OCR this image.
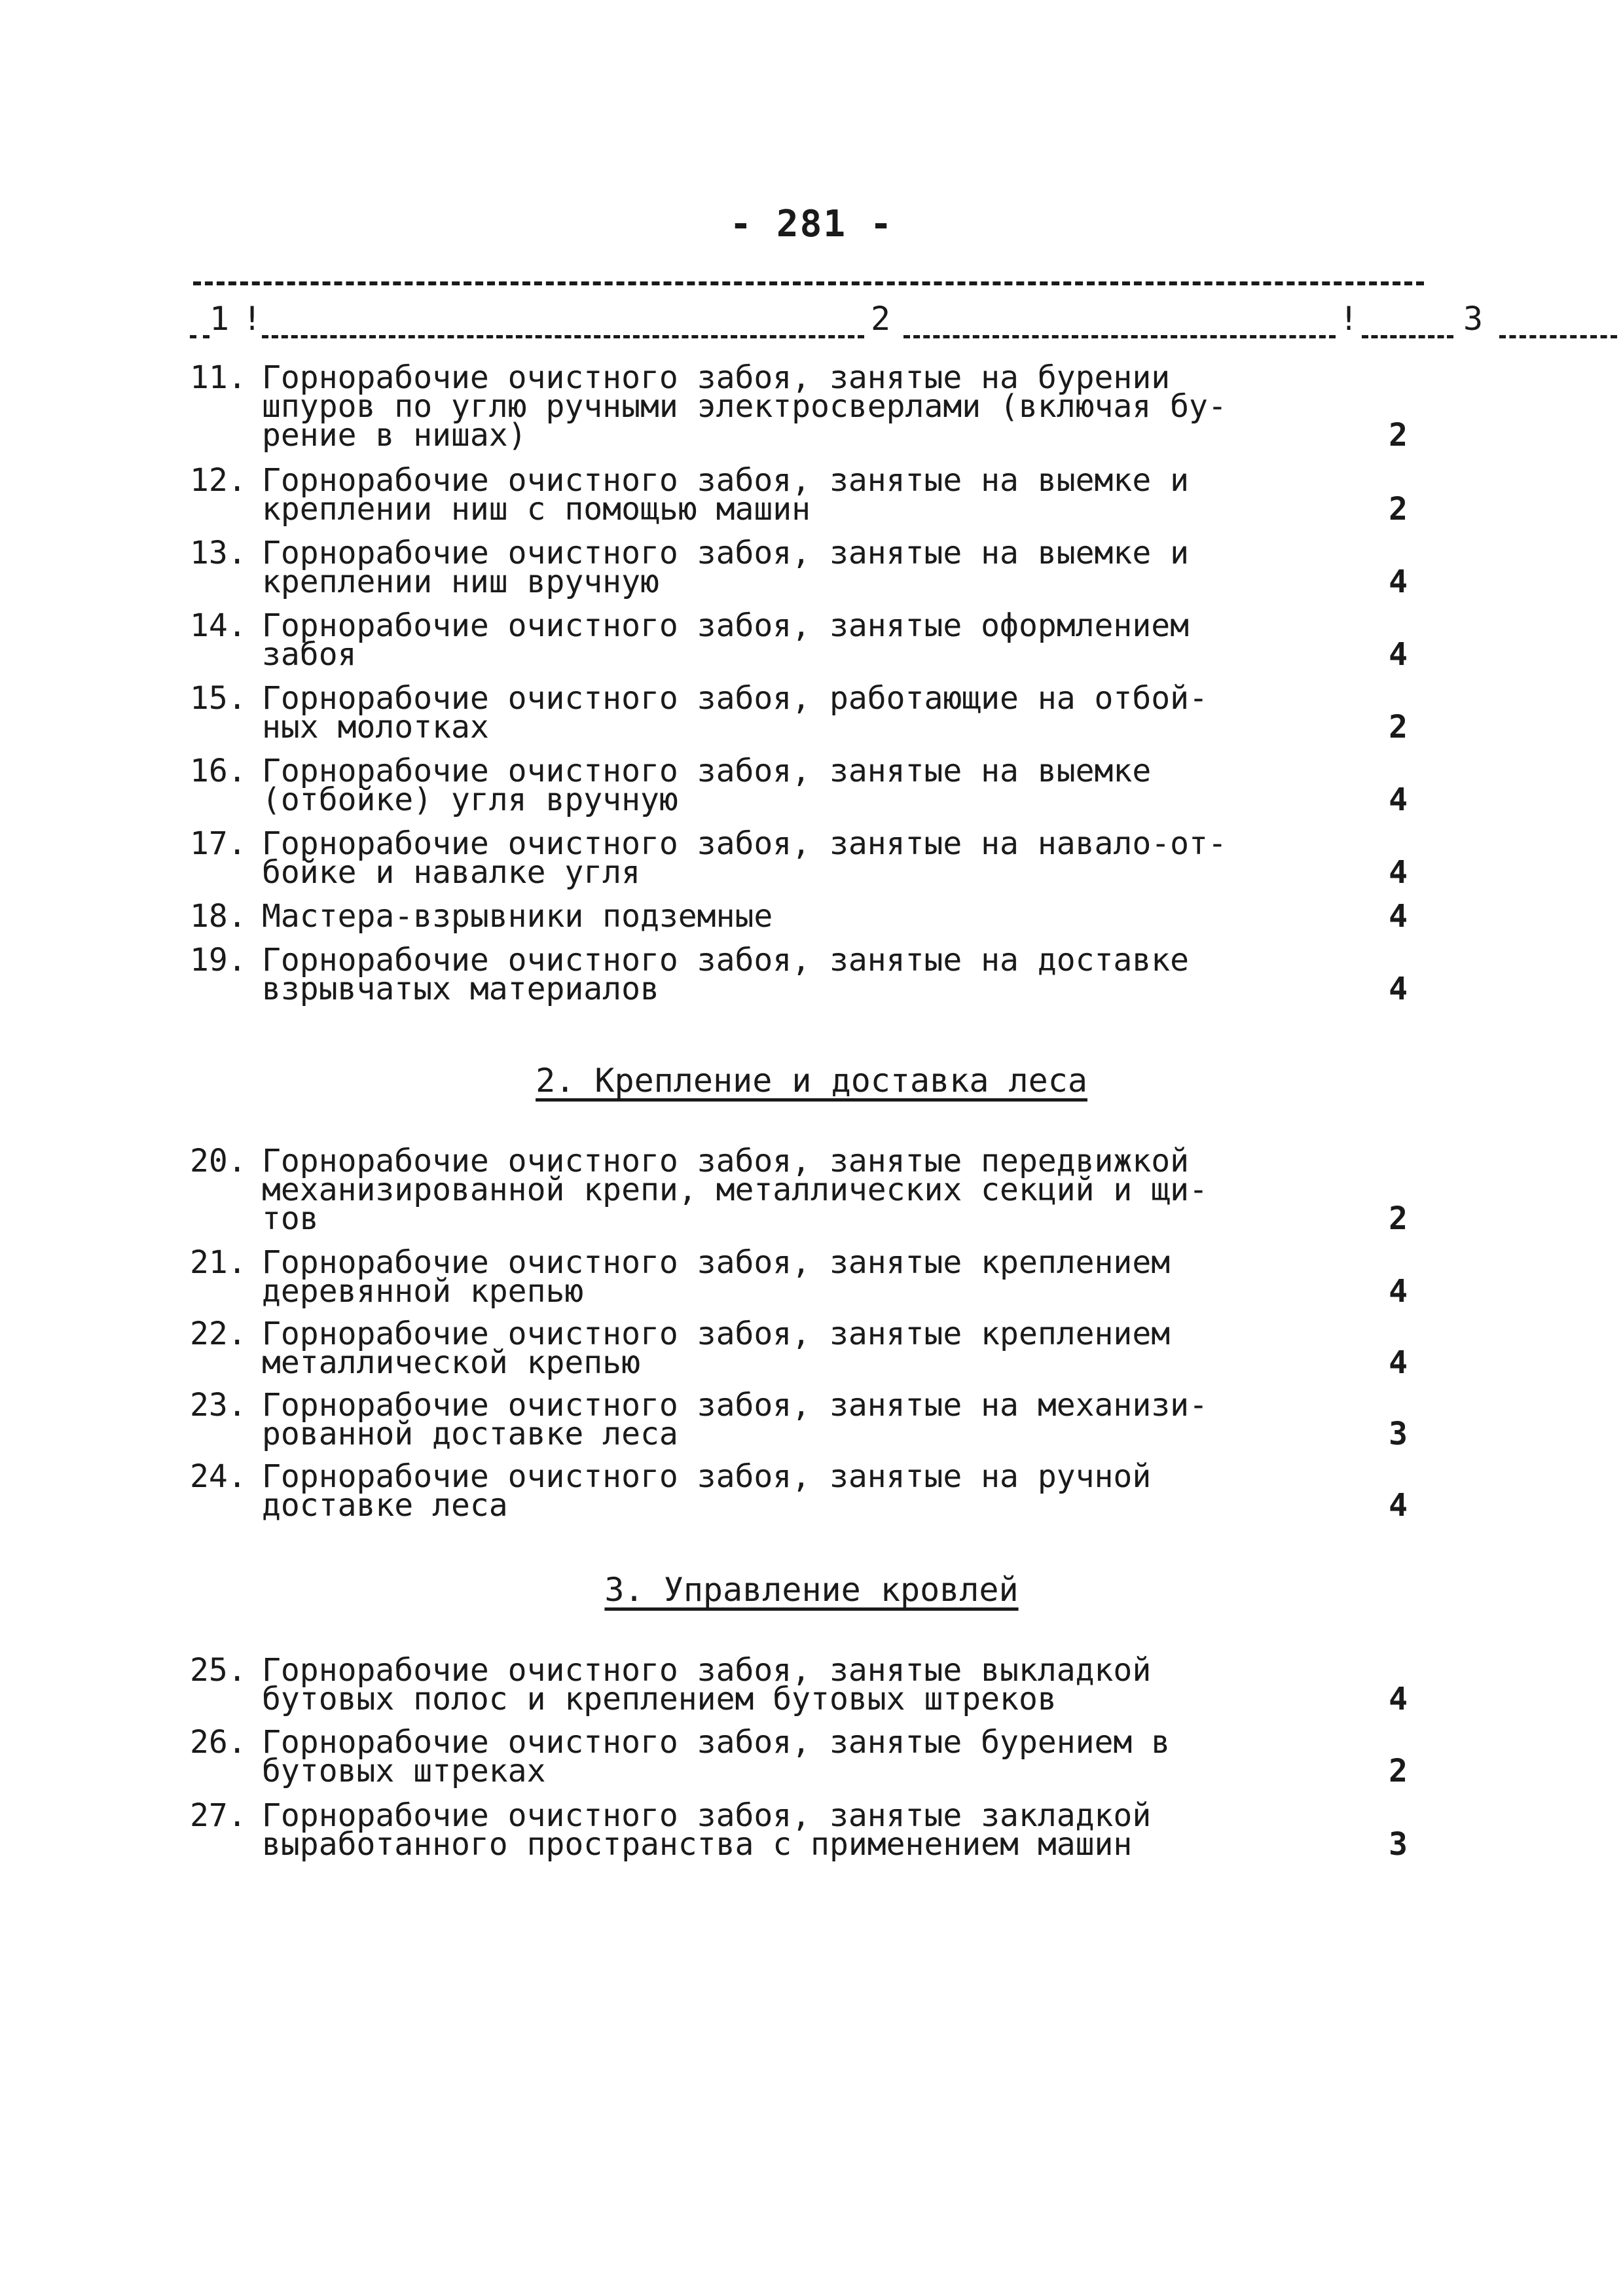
- 281 -
1 !	2	!	3
11. Горнорабочие очистного забоя, занятые на бурении
шпуров по углю ручными электросверлами (включая бу-
рение в нишах)	2
12. Горнорабочие очистного забоя, занятые на выемке и
креплении ниш с помощью машин	2
13. Горнорабочие очистного забоя, занятые на выемке и
креплении ниш вручную	4
14. Горнорабочие очистного забоя, занятые оформлением
забоя	4
15. Горнорабочие очистного забоя, работающие на отбой-
ных молотках	2
16. Горнорабочие очистного забоя, занятые на выемке
(отбойке) угля вручную	4
17. Горнорабочие очистного забоя, занятые на навало-от-
бойке и навалке угля	4
18. Мастера-взрывники подземные	4
19. Горнорабочие очистного забоя, занятые на доставке
взрывчатых материалов	4
2. Крепление и доставка леса
20. Горнорабочие очистного забоя, занятые передвижкой
механизированной крепи, металлических секций и щи-
тов	2
21. Горнорабочие очистного забоя, занятые креплением
деревянной крепью	4
22. Горнорабочие очистного забоя, занятые креплением
металлической крепью	4
23. Горнорабочие очистного забоя, занятые на механизи-
рованной доставке леса	3
24. Горнорабочие очистного забоя, занятые на ручной
доставке леса	4
3. Управление кровлей
25. Горнорабочие очистного забоя, занятые выкладкой
бутовых полос и креплением бутовых штреков	4
26. Горнорабочие очистного забоя, занятые бурением в
бутовых штреках	2
27. Горнорабочие очистного забоя, занятые закладкой
выработанного пространства с применением машин	3
